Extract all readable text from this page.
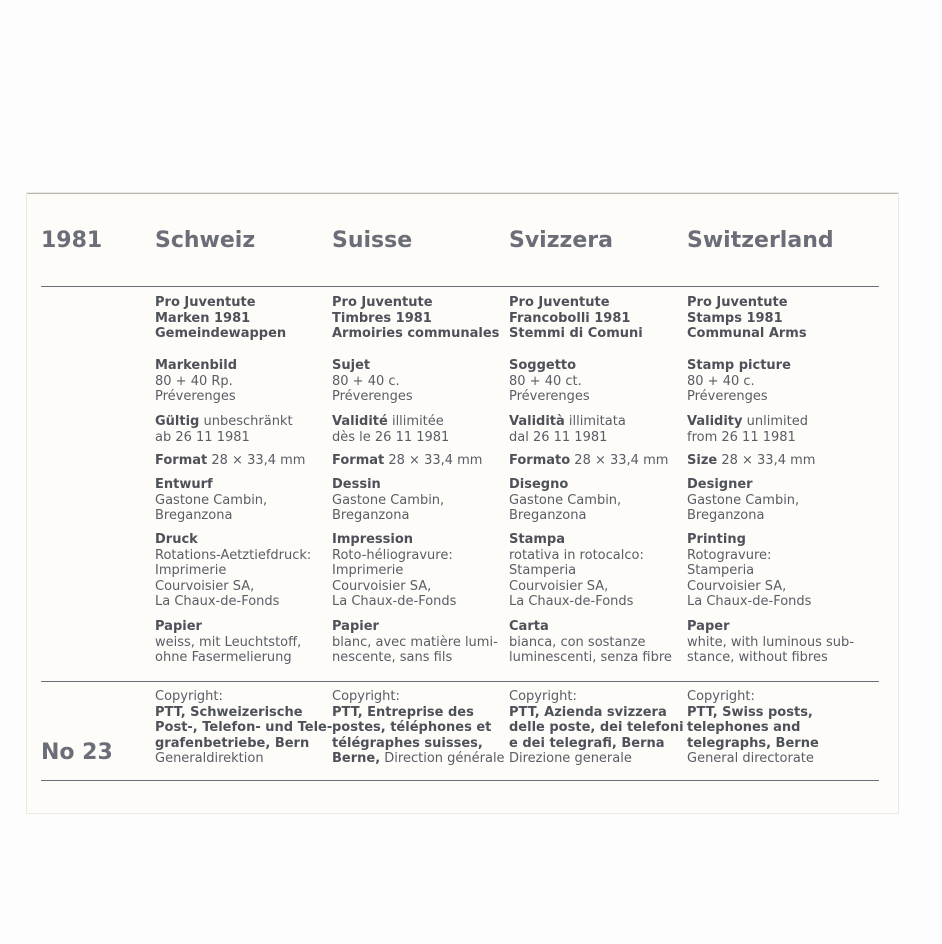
1981
No 23
Schweiz
Pro Juventute
Marken 1981
Gemeindewappen
Markenbild
80 + 40 Rp.
Préverenges
Gültig unbeschränkt
ab 26 11 1981
Format 28 × 33,4 mm
Entwurf
Gastone Cambin,
Breganzona
Druck
Rotations-Aetztiefdruck:
Imprimerie
Courvoisier SA,
La Chaux-de-Fonds
Papier
weiss, mit Leuchtstoff,
ohne Fasermelierung
Copyright:
PTT, Schweizerische
Post-, Telefon- und Tele-
grafenbetriebe, Bern
Generaldirektion
Suisse
Pro Juventute
Timbres 1981
Armoiries communales
Sujet
80 + 40 c.
Préverenges
Validité illimitée
dès le 26 11 1981
Format 28 × 33,4 mm
Dessin
Gastone Cambin,
Breganzona
Impression
Roto-héliogravure:
Imprimerie
Courvoisier SA,
La Chaux-de-Fonds
Papier
blanc, avec matière lumi-
nescente, sans fils
Copyright:
PTT, Entreprise des
postes, téléphones et
télégraphes suisses,
Berne, Direction générale
Svizzera
Pro Juventute
Francobolli 1981
Stemmi di Comuni
Soggetto
80 + 40 ct.
Préverenges
Validità illimitata
dal 26 11 1981
Formato 28 × 33,4 mm
Disegno
Gastone Cambin,
Breganzona
Stampa
rotativa in rotocalco:
Stamperia
Courvoisier SA,
La Chaux-de-Fonds
Carta
bianca, con sostanze
luminescenti, senza fibre
Copyright:
PTT, Azienda svizzera
delle poste, dei telefoni
e dei telegrafi, Berna
Direzione generale
Switzerland
Pro Juventute
Stamps 1981
Communal Arms
Stamp picture
80 + 40 c.
Préverenges
Validity unlimited
from 26 11 1981
Size 28 × 33,4 mm
Designer
Gastone Cambin,
Breganzona
Printing
Rotogravure:
Stamperia
Courvoisier SA,
La Chaux-de-Fonds
Paper
white, with luminous sub-
stance, without fibres
Copyright:
PTT, Swiss posts,
telephones and
telegraphs, Berne
General directorate
